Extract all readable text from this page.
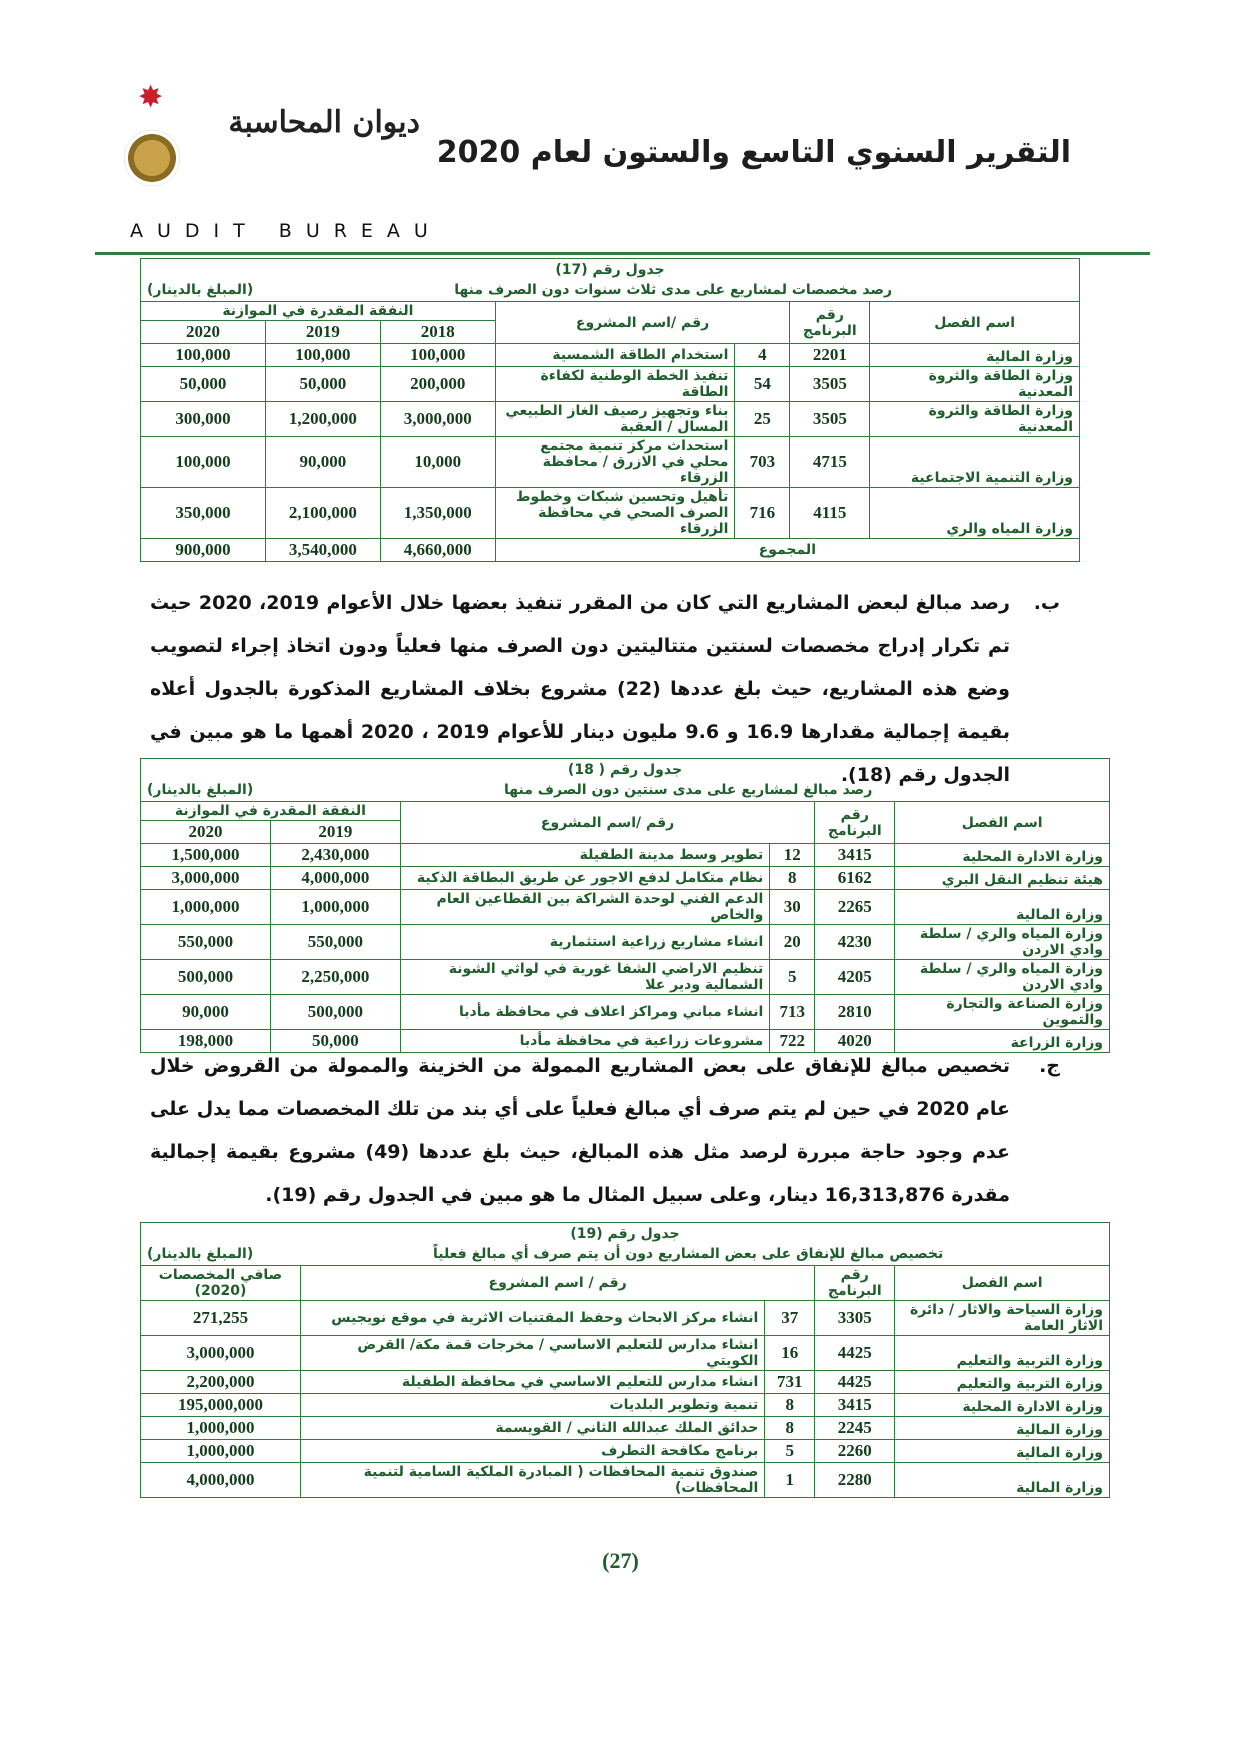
ديوان المحاسبة
✸
AUDIT BUREAU
التقرير السنوي التاسع والستون لعام 2020
جدول رقم (17)
رصد مخصصات لمشاريع على مدى ثلاث سنوات دون الصرف منها
(المبلغ بالدينار)						

اسم الفصل	رقم البرنامج	رقم /اسم المشروع		النفقة المقدرة في الموازنة		
				2018	2019	2020
وزارة المالية	2201	4	استخدام الطاقة الشمسية	100,000	100,000	100,000
وزارة الطاقة والثروة المعدنية	3505	54	تنفيذ الخطة الوطنية لكفاءة الطاقة	200,000	50,000	50,000
وزارة الطاقة والثروة المعدنية	3505	25	بناء وتجهيز رصيف الغاز الطبيعي المسال / العقبة	3,000,000	1,200,000	300,000
وزارة التنمية الاجتماعية	4715	703	استحداث مركز تنمية مجتمع محلي في الازرق / محافظة الزرقاء	10,000	90,000	100,000
وزارة المياه والري	4115	716	تأهيل وتحسين شبكات وخطوط الصرف الصحي في محافظة الزرقاء	1,350,000	2,100,000	350,000
المجموع				4,660,000	3,540,000	900,000
ب.
رصد مبالغ لبعض المشاريع التي كان من المقرر تنفيذ بعضها خلال الأعوام 2019، 2020 حيث تم تكرار إدراج مخصصات لسنتين متتاليتين دون الصرف منها فعلياً ودون اتخاذ إجراء لتصويب وضع هذه المشاريع، حيث بلغ عددها (22) مشروع بخلاف المشاريع المذكورة بالجدول أعلاه بقيمة إجمالية مقدارها 16.9 و 9.6 مليون دينار للأعوام 2019 ، 2020 أهمها ما هو مبين في الجدول رقم (18).
جدول رقم ( 18)
رصد مبالغ لمشاريع على مدى سنتين دون الصرف منها
(المبلغ بالدينار)					

اسم الفصل	رقم البرنامج	رقم /اسم المشروع		النفقة المقدرة في الموازنة	
				2019	2020
وزارة الادارة المحلية	3415	12	تطوير وسط مدينة الطفيلة	2,430,000	1,500,000
هيئة تنظيم النقل البري	6162	8	نظام متكامل لدفع الاجور عن طريق البطاقة الذكية	4,000,000	3,000,000
وزارة المالية	2265	30	الدعم الفني لوحدة الشراكة بين القطاعين العام والخاص	1,000,000	1,000,000
وزارة المياه والري / سلطة وادي الاردن	4230	20	انشاء مشاريع زراعية استثمارية	550,000	550,000
وزارة المياه والري / سلطة وادي الاردن	4205	5	تنظيم الاراضي الشفا غورية في لواثي الشونة الشمالية ودير علا	2,250,000	500,000
وزارة الصناعة والتجارة والتموين	2810	713	انشاء مباني ومراكز اعلاف في محافظة مأدبا	500,000	90,000
وزارة الزراعة	4020	722	مشروعات زراعية في محافظة مأدبا	50,000	198,000
ج.
تخصيص مبالغ للإنفاق على بعض المشاريع الممولة من الخزينة والممولة من القروض خلال عام 2020 في حين لم يتم صرف أي مبالغ فعلياً على أي بند من تلك المخصصات مما يدل على عدم وجود حاجة مبررة لرصد مثل هذه المبالغ، حيث بلغ عددها (49) مشروع بقيمة إجمالية مقدرة 16,313,876 دينار، وعلى سبيل المثال ما هو مبين في الجدول رقم (19).
جدول رقم (19)
تخصيص مبالغ للإنفاق على بعض المشاريع دون أن يتم صرف أي مبالغ فعلياً
(المبلغ بالدينار)				

اسم الفصل	رقم البرنامج	رقم / اسم المشروع		صافي المخصصات (2020)
وزارة السياحة والاثار / دائرة الاثار العامة	3305	37	انشاء مركز الابحاث وحفظ المقتنيات الاثرية في موقع نويجيس	271,255
وزارة التربية والتعليم	4425	16	انشاء مدارس للتعليم الاساسي / مخرجات قمة مكة/ القرض الكويتي	3,000,000
وزارة التربية والتعليم	4425	731	انشاء مدارس للتعليم الاساسي في محافظة الطفيلة	2,200,000
وزارة الادارة المحلية	3415	8	تنمية وتطوير البلديات	195,000,000
وزارة المالية	2245	8	حدائق الملك عبدالله الثاني / القويسمة	1,000,000
وزارة المالية	2260	5	برنامج مكافحة التطرف	1,000,000
وزارة المالية	2280	1	صندوق تنمية المحافظات ( المبادرة الملكية السامية لتنمية المحافظات)	4,000,000
(27)
